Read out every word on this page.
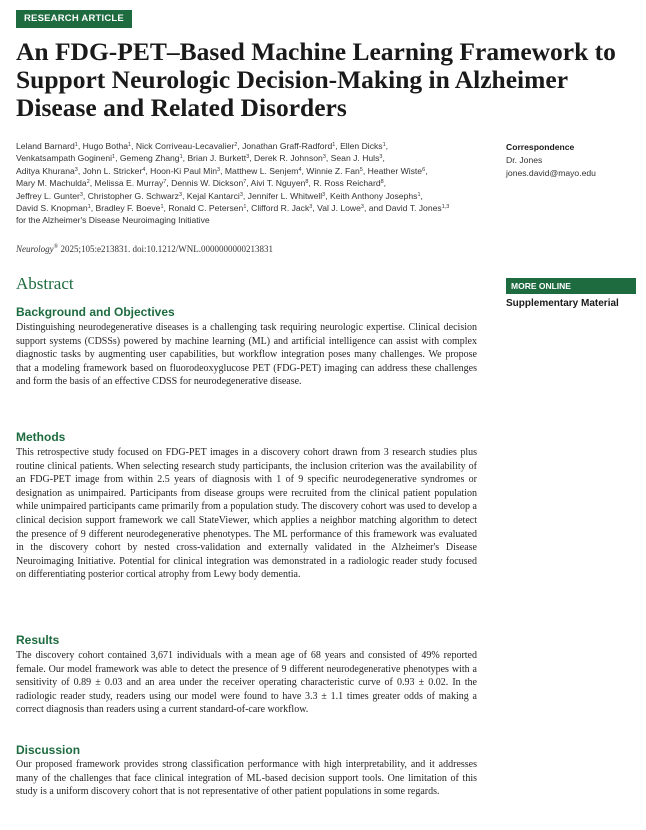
RESEARCH ARTICLE
An FDG-PET–Based Machine Learning Framework to Support Neurologic Decision-Making in Alzheimer Disease and Related Disorders
Leland Barnard$^1$, Hugo Botha$^1$, Nick Corriveau-Lecavalier$^2$, Jonathan Graff-Radford$^1$, Ellen Dicks$^1$,
Venkatsampath Gogineni$^1$, Gemeng Zhang$^1$, Brian J. Burkett$^3$, Derek R. Johnson$^3$, Sean J. Huls$^3$,
Aditya Khurana$^3$, John L. Stricker$^4$, Hoon-Ki Paul Min$^3$, Matthew L. Senjem$^4$, Winnie Z. Fan$^5$, Heather Wiste$^6$,
Mary M. Machulda$^2$, Melissa E. Murray$^7$, Dennis W. Dickson$^7$, Aivi T. Nguyen$^8$, R. Ross Reichard$^8$,
Jeffrey L. Gunter$^3$, Christopher G. Schwarz$^3$, Kejal Kantarci$^3$, Jennifer L. Whitwell$^3$, Keith Anthony Josephs$^1$,
David S. Knopman$^1$, Bradley F. Boeve$^1$, Ronald C. Petersen$^1$, Clifford R. Jack$^3$, Val J. Lowe$^3$, and David T. Jones$^{1,3}$
for the Alzheimer's Disease Neuroimaging Initiative
Neurology® 2025;105:e213831. doi:10.1212/WNL.0000000000213831
Correspondence
Dr. Jones
jones.david@mayo.edu
MORE ONLINE
Supplementary Material
Abstract
Background and Objectives

Distinguishing neurodegenerative diseases is a challenging task requiring neurologic expertise. Clinical decision support systems (CDSSs) powered by machine learning (ML) and artificial intelligence can assist with complex diagnostic tasks by augmenting user capabilities, but workflow integration poses many challenges. We propose that a modeling framework based on fluorodeoxyglucose PET (FDG-PET) imaging can address these challenges and form the basis of an effective CDSS for neurodegenerative disease.

Methods

This retrospective study focused on FDG-PET images in a discovery cohort drawn from 3 research studies plus routine clinical patients. When selecting research study participants, the inclusion criterion was the availability of an FDG-PET image from within 2.5 years of diagnosis with 1 of 9 specific neurodegenerative syndromes or designation as unimpaired. Participants from disease groups were recruited from the clinical patient population while unimpaired participants came primarily from a population study. The discovery cohort was used to develop a clinical decision support framework we call StateViewer, which applies a neighbor matching algorithm to detect the presence of 9 different neurodegenerative phenotypes. The ML performance of this framework was evaluated in the discovery cohort by nested cross-validation and externally validated in the Alzheimer's Disease Neuroimaging Initiative. Potential for clinical integration was demonstrated in a radiologic reader study focused on differentiating posterior cortical atrophy from Lewy body dementia.

Results

The discovery cohort contained 3,671 individuals with a mean age of 68 years and consisted of 49% reported female. Our model framework was able to detect the presence of 9 different neurodegenerative phenotypes with a sensitivity of 0.89 ± 0.03 and an area under the receiver operating characteristic curve of 0.93 ± 0.02. In the radiologic reader study, readers using our model were found to have 3.3 ± 1.1 times greater odds of making a correct diagnosis than readers using a current standard-of-care workflow.

Discussion

Our proposed framework provides strong classification performance with high interpretability, and it addresses many of the challenges that face clinical integration of ML-based decision support tools. One limitation of this study is a uniform discovery cohort that is not representative of other patient populations in some regards.
